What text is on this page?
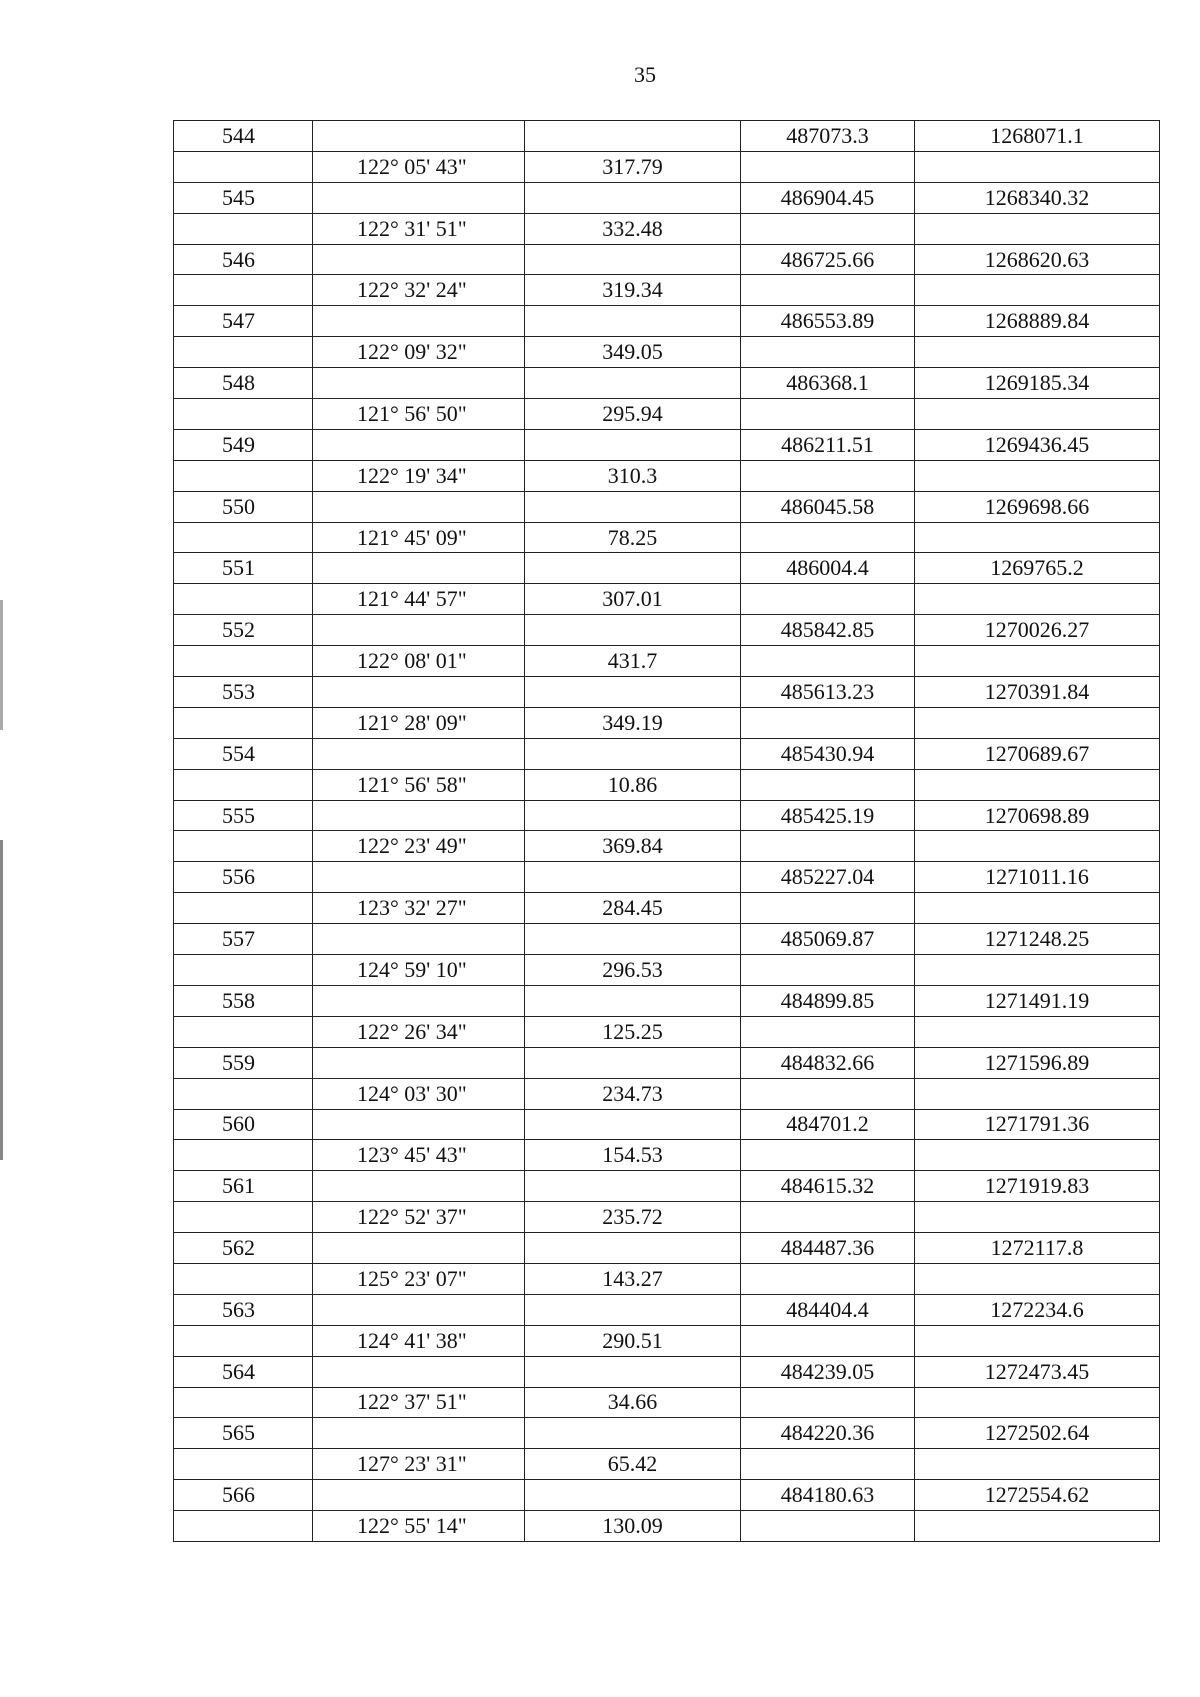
35
544			487073.3	1268071.1
	122° 05' 43"	317.79		
545			486904.45	1268340.32
	122° 31' 51"	332.48		
546			486725.66	1268620.63
	122° 32' 24"	319.34		
547			486553.89	1268889.84
	122° 09' 32"	349.05		
548			486368.1	1269185.34
	121° 56' 50"	295.94		
549			486211.51	1269436.45
	122° 19' 34"	310.3		
550			486045.58	1269698.66
	121° 45' 09"	78.25		
551			486004.4	1269765.2
	121° 44' 57"	307.01		
552			485842.85	1270026.27
	122° 08' 01"	431.7		
553			485613.23	1270391.84
	121° 28' 09"	349.19		
554			485430.94	1270689.67
	121° 56' 58"	10.86		
555			485425.19	1270698.89
	122° 23' 49"	369.84		
556			485227.04	1271011.16
	123° 32' 27"	284.45		
557			485069.87	1271248.25
	124° 59' 10"	296.53		
558			484899.85	1271491.19
	122° 26' 34"	125.25		
559			484832.66	1271596.89
	124° 03' 30"	234.73		
560			484701.2	1271791.36
	123° 45' 43"	154.53		
561			484615.32	1271919.83
	122° 52' 37"	235.72		
562			484487.36	1272117.8
	125° 23' 07"	143.27		
563			484404.4	1272234.6
	124° 41' 38"	290.51		
564			484239.05	1272473.45
	122° 37' 51"	34.66		
565			484220.36	1272502.64
	127° 23' 31"	65.42		
566			484180.63	1272554.62
	122° 55' 14"	130.09		
